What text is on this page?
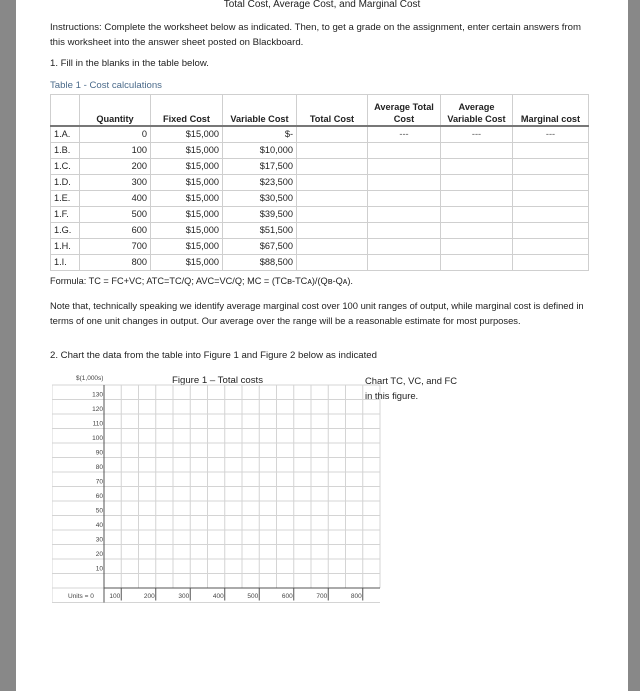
Total Cost, Average Cost, and Marginal Cost
Instructions: Complete the worksheet below as indicated. Then, to get a grade on the assignment, enter certain answers from this worksheet into the answer sheet posted on Blackboard.
1. Fill in the blanks in the table below.
Table 1 - Cost calculations
	Quantity	Fixed Cost	Variable Cost	Total Cost	Average Total Cost	Average Variable Cost	Marginal cost
1.A.	0	$15,000	$-		---	---	---
1.B.	100	$15,000	$10,000				
1.C.	200	$15,000	$17,500				
1.D.	300	$15,000	$23,500				
1.E.	400	$15,000	$30,500				
1.F.	500	$15,000	$39,500				
1.G.	600	$15,000	$51,500				
1.H.	700	$15,000	$67,500				
1.I.	800	$15,000	$88,500				
Formula: TC = FC+VC; ATC=TC/Q; AVC=VC/Q; MC = (TCʙ-TCᴀ)/(Qʙ-Qᴀ).
Note that, technically speaking we identify average marginal cost over 100 unit ranges of output, while marginal cost is defined in terms of one unit changes in output. Our average over the range will be a reasonable estimate for most purposes.
2. Chart the data from the table into Figure 1 and Figure 2 below as indicated
$(1,000s)	Figure 1 – Total costs
130
120
110
100
90
80
70
60
50
40
30
20
10
Units = 0 100	200	300	400	500	600	700	800
Chart TC, VC, and FC
in this figure.
